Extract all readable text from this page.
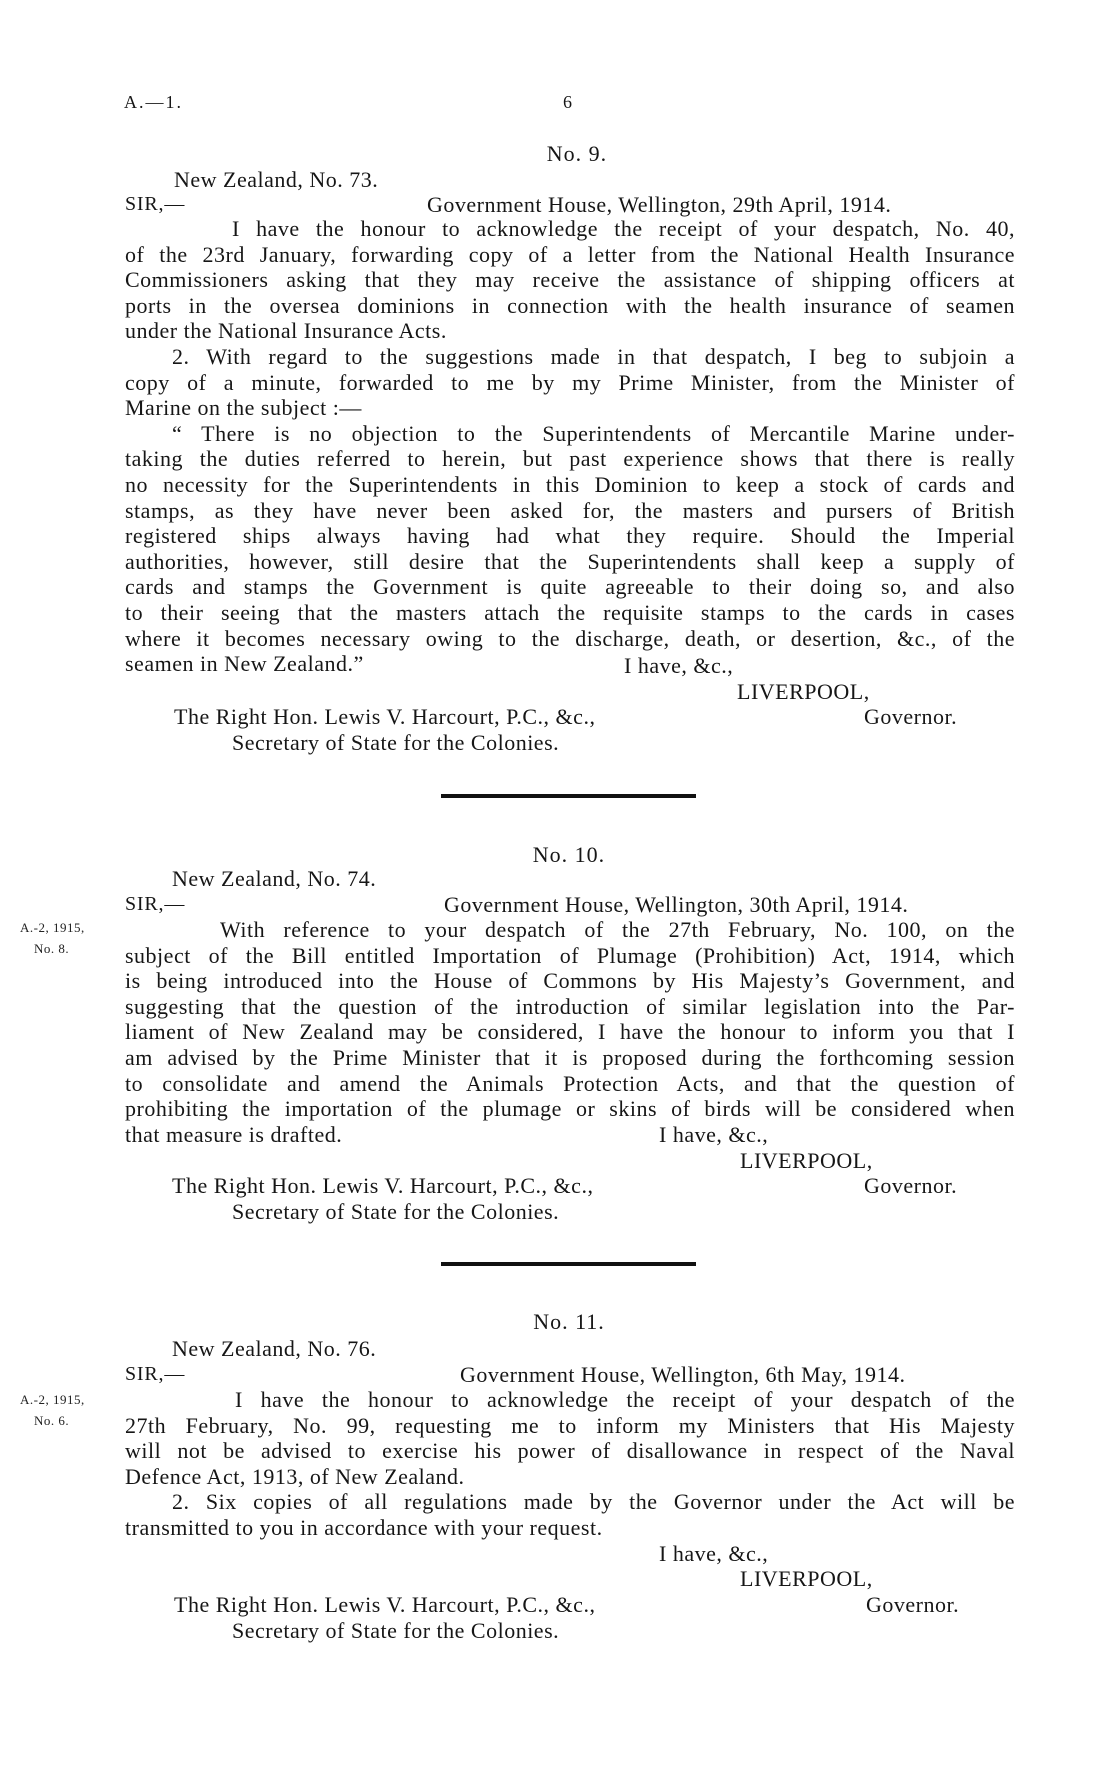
A.—1.	6
No. 9.
New Zealand, No. 73.
SIR,—	Government House, Wellington, 29th April, 1914.
I have the honour to acknowledge the receipt of your despatch, No. 40,
of the 23rd January, forwarding copy of a letter from the National Health Insurance
Commissioners asking that they may receive the assistance of shipping officers at
ports in the oversea dominions in connection with the health insurance of seamen
under the National Insurance Acts.
2. With regard to the suggestions made in that despatch, I beg to subjoin a
copy of a minute, forwarded to me by my Prime Minister, from the Minister of
Marine on the subject :—
“ There is no objection to the Superintendents of Mercantile Marine under-
taking the duties referred to herein, but past experience shows that there is really
no necessity for the Superintendents in this Dominion to keep a stock of cards and
stamps, as they have never been asked for, the masters and pursers of British
registered ships always having had what they require. Should the Imperial
authorities, however, still desire that the Superintendents shall keep a supply of
cards and stamps the Government is quite agreeable to their doing so, and also
to their seeing that the masters attach the requisite stamps to the cards in cases
where it becomes necessary owing to the discharge, death, or desertion, &c., of the
seamen in New Zealand.”	I have, &c.,
LIVERPOOL,
The Right Hon. Lewis V. Harcourt, P.C., &c.,	Governor.
Secretary of State for the Colonies.
No. 10.
New Zealand, No. 74.
SIR,—	Government House, Wellington, 30th April, 1914.
A.-2, 1915,
No. 8.
With reference to your despatch of the 27th February, No. 100, on the
subject of the Bill entitled Importation of Plumage (Prohibition) Act, 1914, which
is being introduced into the House of Commons by His Majesty’s Government, and
suggesting that the question of the introduction of similar legislation into the Par-
liament of New Zealand may be considered, I have the honour to inform you that I
am advised by the Prime Minister that it is proposed during the forthcoming session
to consolidate and amend the Animals Protection Acts, and that the question of
prohibiting the importation of the plumage or skins of birds will be considered when
that measure is drafted.	I have, &c.,
LIVERPOOL,
The Right Hon. Lewis V. Harcourt, P.C., &c.,	Governor.
Secretary of State for the Colonies.
No. 11.
New Zealand, No. 76.
SIR,—	Government House, Wellington, 6th May, 1914.
A.-2, 1915,
No. 6.
I have the honour to acknowledge the receipt of your despatch of the
27th February, No. 99, requesting me to inform my Ministers that His Majesty
will not be advised to exercise his power of disallowance in respect of the Naval
Defence Act, 1913, of New Zealand.
2. Six copies of all regulations made by the Governor under the Act will be
transmitted to you in accordance with your request.
I have, &c.,
LIVERPOOL,
The Right Hon. Lewis V. Harcourt, P.C., &c.,	Governor.
Secretary of State for the Colonies.
